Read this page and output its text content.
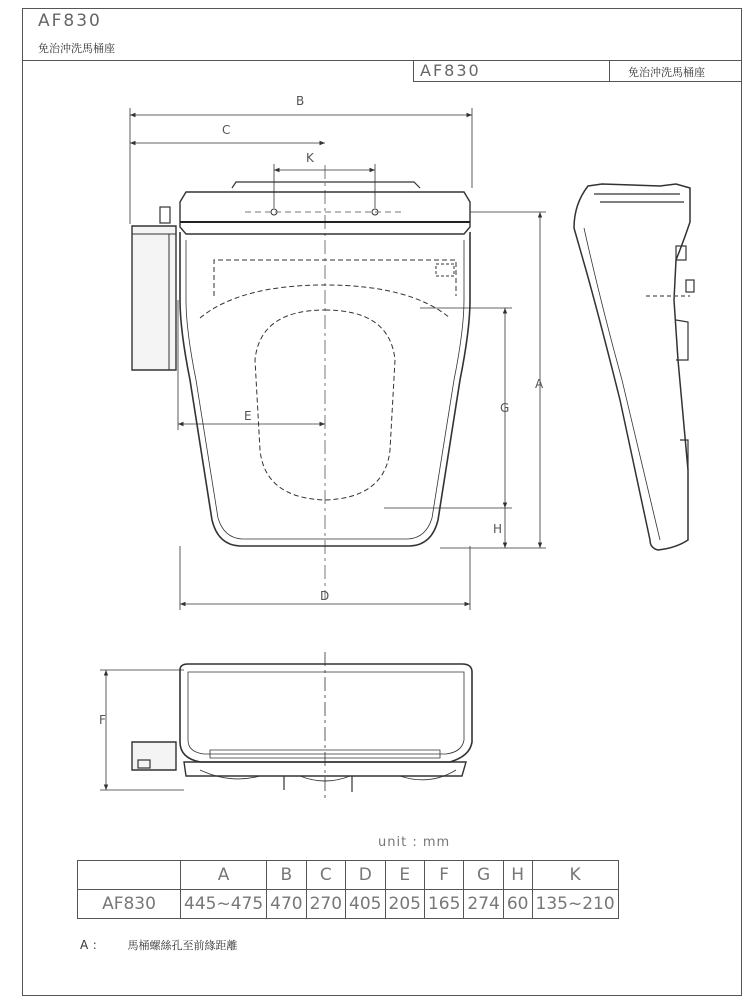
AF830
免治沖洗馬桶座
AF830	免治沖洗馬桶座
B
C
K
A
G
H
E
D
F
unit : mm
	A	B	C	D	E	F	G	H	K
AF830	445~475	470	270	405	205	165	274	60	135~210
A ： 馬桶螺絲孔至前緣距離
